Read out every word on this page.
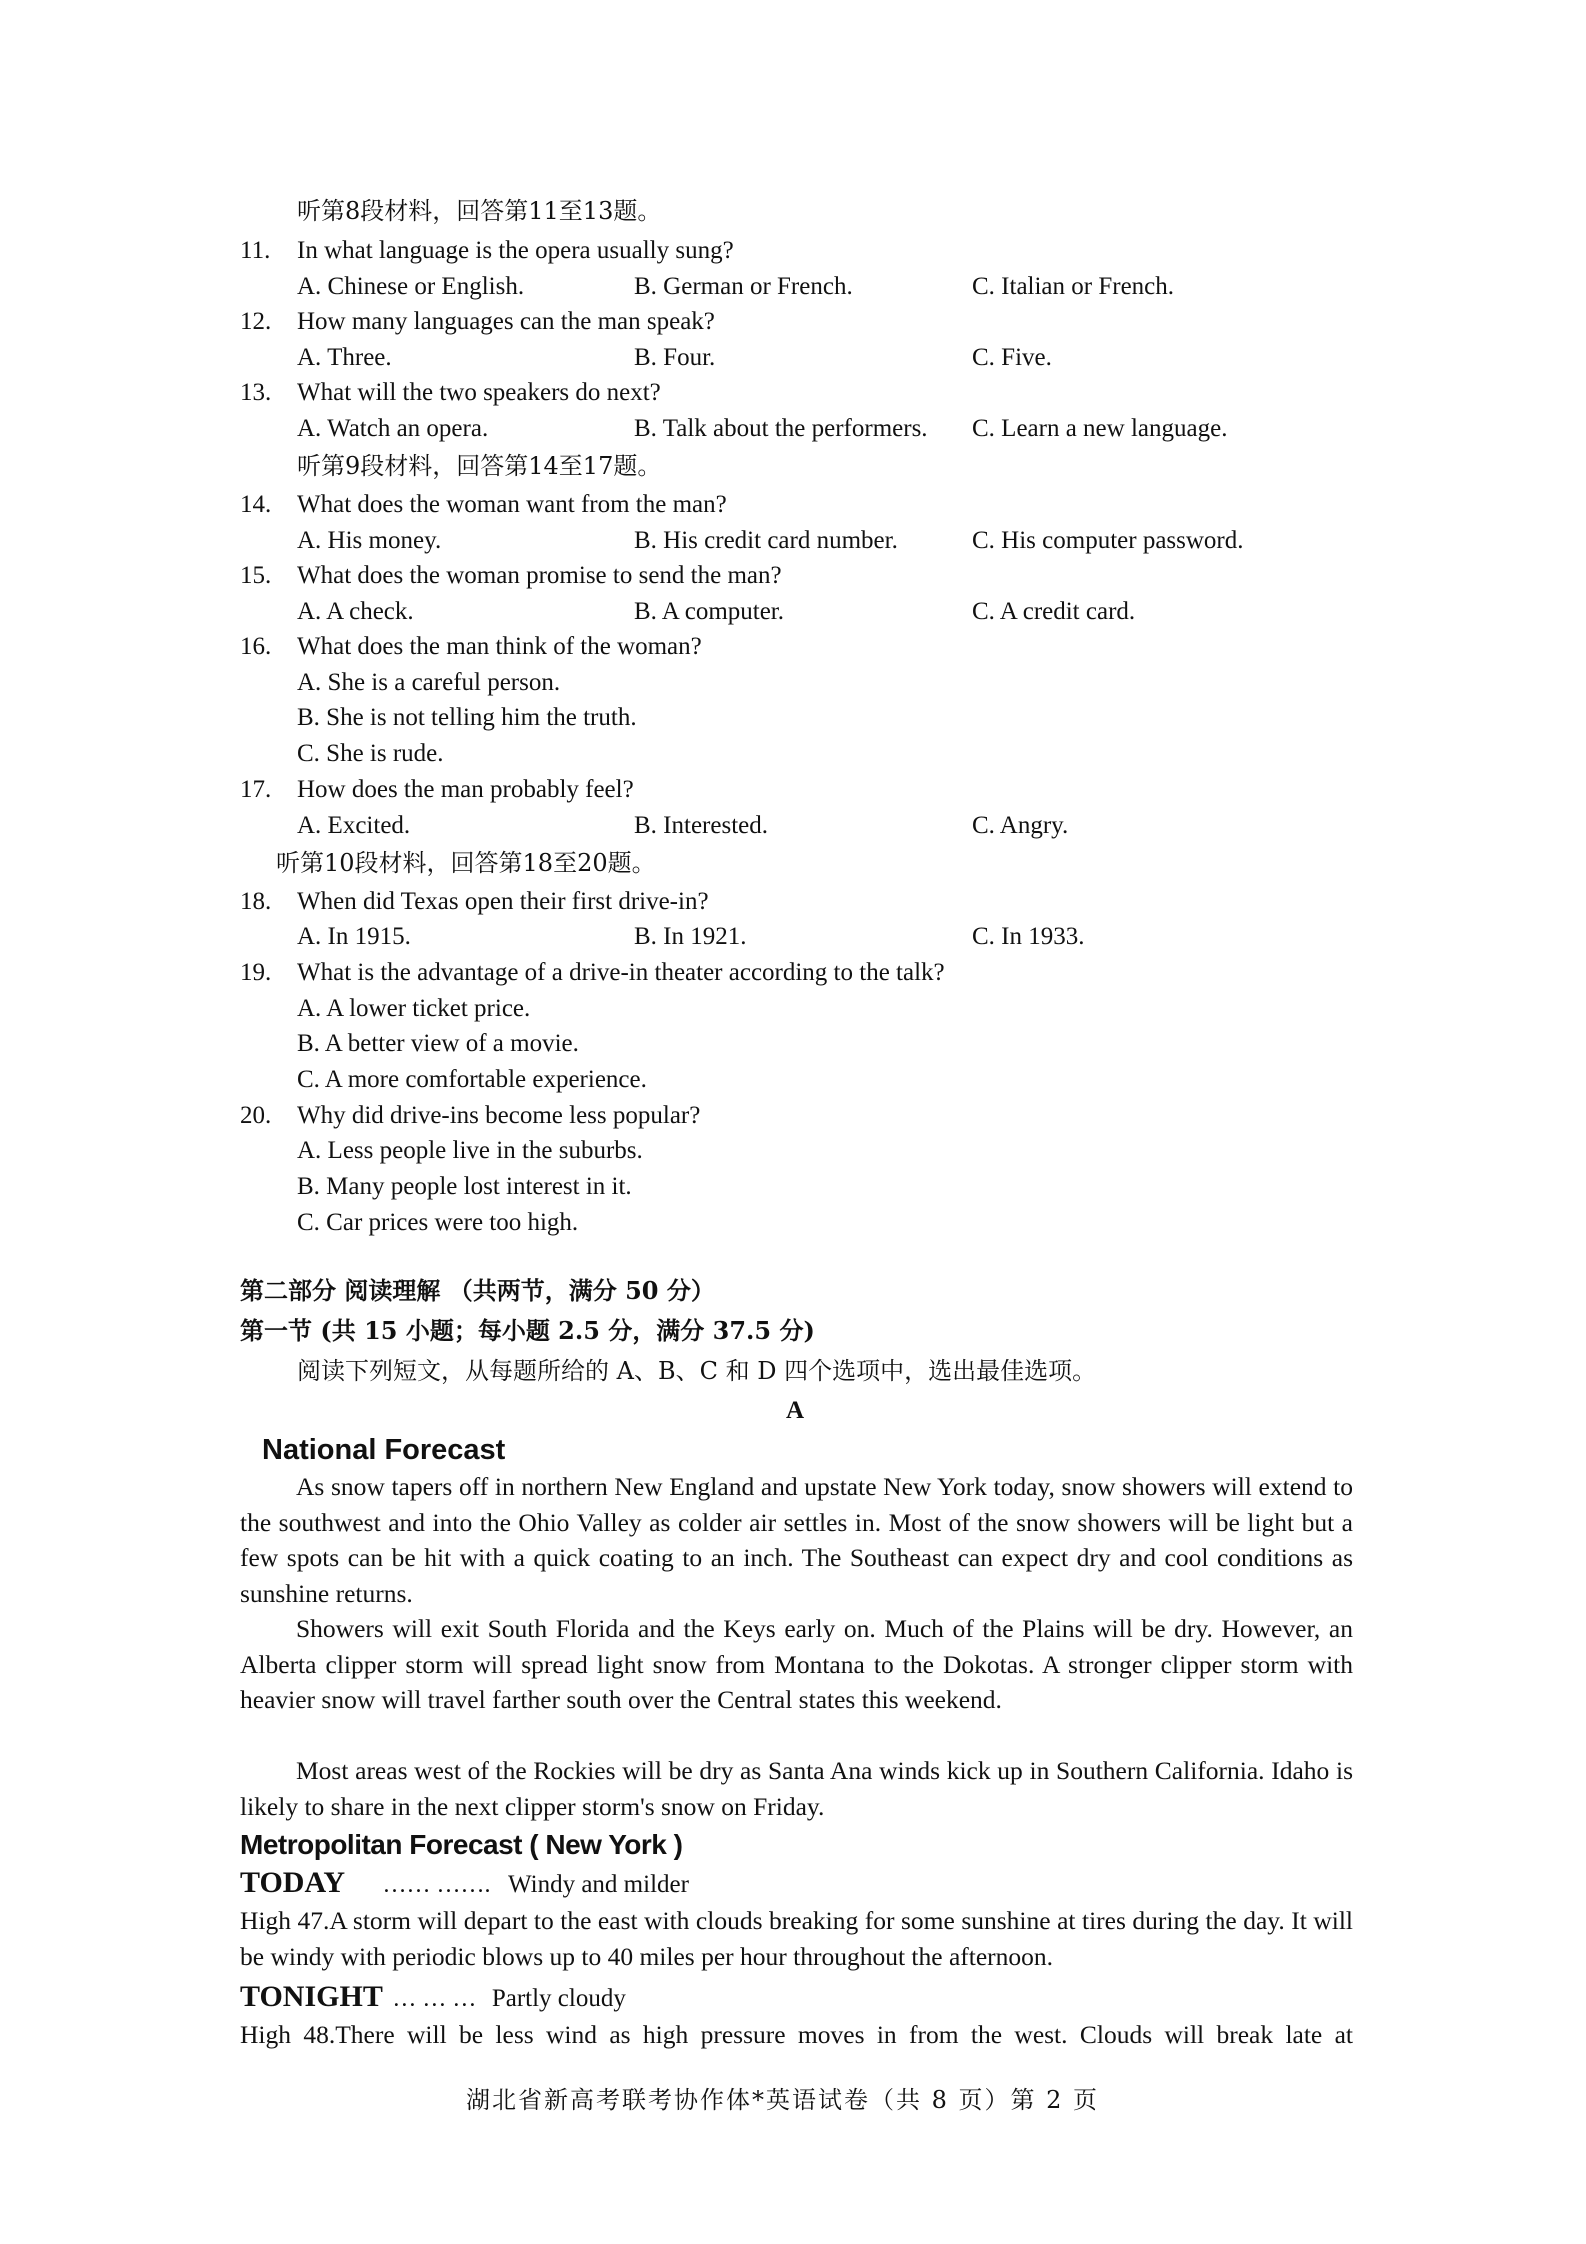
听第8段材料，回答第11至13题。
11. In what language is the opera usually sung?
A. Chinese or English.	B. German or French.	C. Italian or French.
12. How many languages can the man speak?
A. Three.	B. Four.	C. Five.
13. What will the two speakers do next?
A. Watch an opera.	B. Talk about the performers. C. Learn a new language.
听第9段材料，回答第14至17题。
14. What does the woman want from the man?
A. His money.	B. His credit card number.	C. His computer password.
15. What does the woman promise to send the man?
A. A check.	B. A computer.	C. A credit card.
16. What does the man think of the woman?
A. She is a careful person.
B. She is not telling him the truth.
C. She is rude.
17. How does the man probably feel?
A. Excited.	B. Interested.	C. Angry.
听第10段材料，回答第18至20题。
18. When did Texas open their first drive-in?
A. In 1915.	B. In 1921.	C. In 1933.
19. What is the advantage of a drive-in theater according to the talk?
A. A lower ticket price.
B. A better view of a movie.
C. A more comfortable experience.
20. Why did drive-ins become less popular?
A. Less people live in the suburbs.
B. Many people lost interest in it.
C. Car prices were too high.
第二部分 阅读理解 （共两节，满分 50 分）
第一节 (共 15 小题；每小题 2.5 分，满分 37.5 分)
阅读下列短文，从每题所给的 A、B、C 和 D 四个选项中，选出最佳选项。
A
National Forecast
As snow tapers off in northern New England and upstate New York today, snow showers will extend to the southwest and into the Ohio Valley as colder air settles in. Most of the snow showers will be light but a few spots can be hit with a quick coating to an inch. The Southeast can expect dry and cool conditions as sunshine returns.
Showers will exit South Florida and the Keys early on. Much of the Plains will be dry. However, an Alberta clipper storm will spread light snow from Montana to the Dokotas. A stronger clipper storm with heavier snow will travel farther south over the Central states this weekend.
Most areas west of the Rockies will be dry as Santa Ana winds kick up in Southern California. Idaho is likely to share in the next clipper storm's snow on Friday.
Metropolitan Forecast ( New York )
TODAY …… ……. Windy and milder
High 47.A storm will depart to the east with clouds breaking for some sunshine at tires during the day. It will be windy with periodic blows up to 40 miles per hour throughout the afternoon.
TONIGHT … … … Partly cloudy
High 48.There will be less wind as high pressure moves in from the west. Clouds will break late at
湖北省新高考联考协作体*英语试卷（共 8 页）第 2 页
